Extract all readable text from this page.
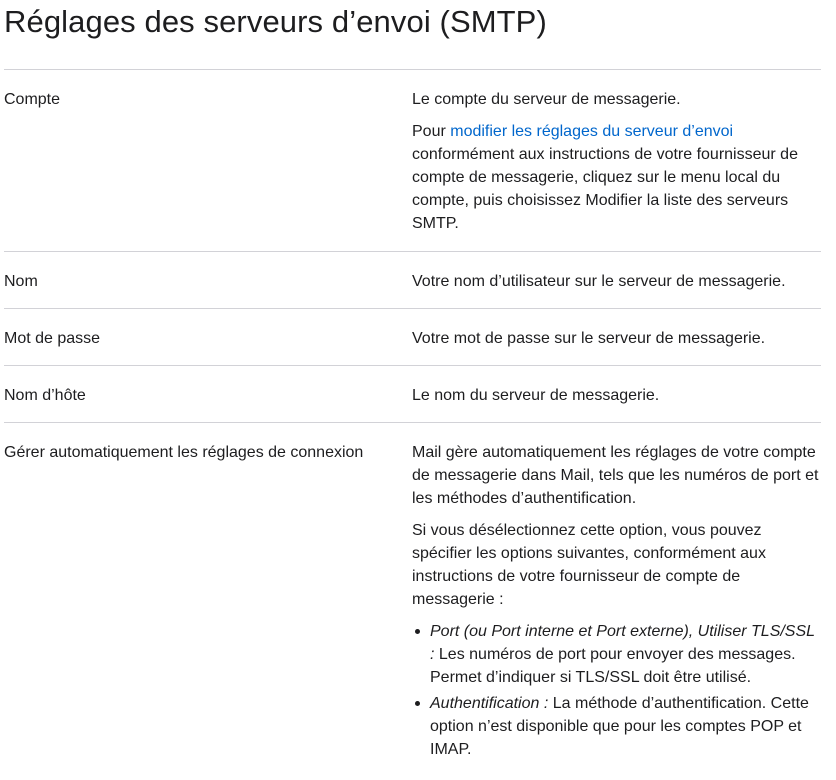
Réglages des serveurs d’envoi (SMTP)
Compte	Le compte du serveur de messagerie.

Pour modifier les réglages du serveur d’envoi conformément aux instructions de votre fournisseur de compte de messagerie, cliquez sur le menu local du compte, puis choisissez Modifier la liste des serveurs SMTP.

Nom	Votre nom d’utilisateur sur le serveur de messagerie.

Mot de passe	Votre mot de passe sur le serveur de messagerie.

Nom d’hôte	Le nom du serveur de messagerie.

Gérer automatiquement les réglages de connexion	Mail gère automatiquement les réglages de votre compte de messagerie dans Mail, tels que les numéros de port et les méthodes d’authentification.

Si vous désélectionnez cette option, vous pouvez spécifier les options suivantes, conformément aux instructions de votre fournisseur de compte de messagerie :

Port (ou Port interne et Port externe), Utiliser TLS/SSL : Les numéros de port pour envoyer des messages. Permet d’indiquer si TLS/SSL doit être utilisé.
Authentification : La méthode d’authentification. Cette option n’est disponible que pour les comptes POP et IMAP.
